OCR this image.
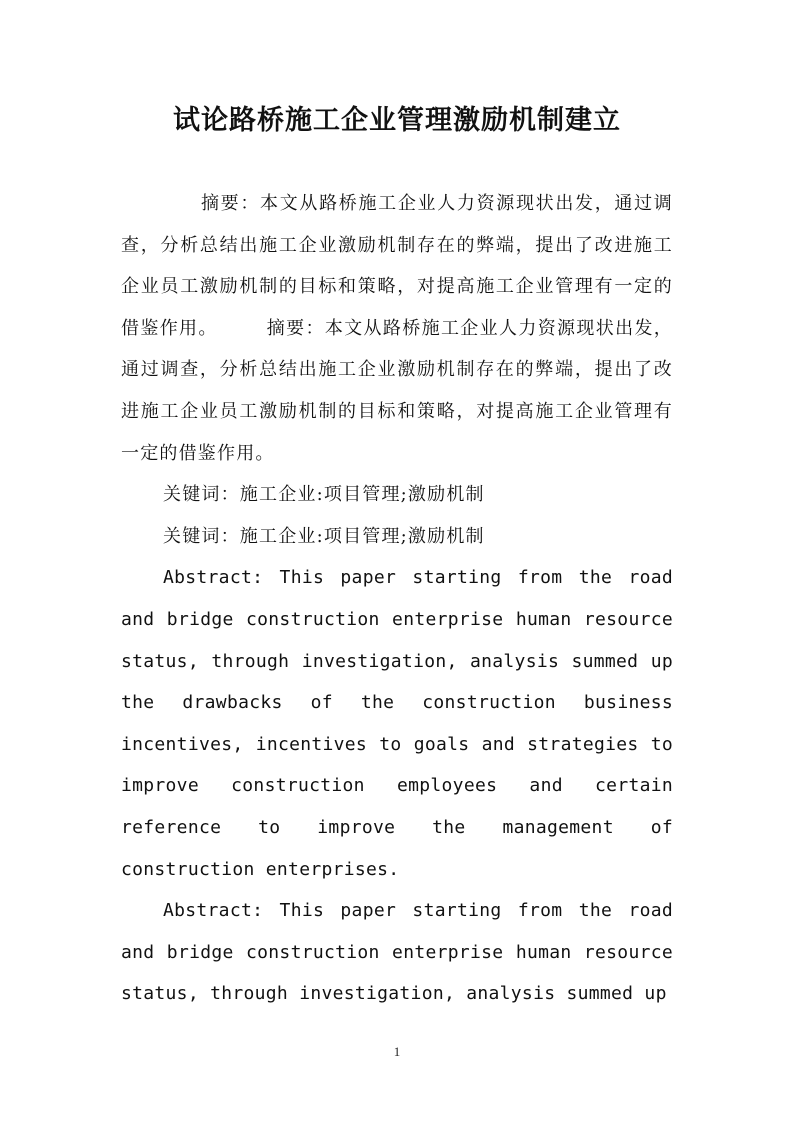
试论路桥施工企业管理激励机制建立

摘要：本文从路桥施工企业人力资源现状出发，通过调查，分析总结出施工企业激励机制存在的弊端，提出了改进施工企业员工激励机制的目标和策略，对提高施工企业管理有一定的借鉴作用。　　　摘要：本文从路桥施工企业人力资源现状出发，通过调查，分析总结出施工企业激励机制存在的弊端，提出了改进施工企业员工激励机制的目标和策略，对提高施工企业管理有一定的借鉴作用。

关键词：施工企业:项目管理;激励机制

关键词：施工企业:项目管理;激励机制

Abstract: This paper starting from the road and bridge construction enterprise human resource status, through investigation, analysis summed up the drawbacks of the construction business incentives, incentives to goals and strategies to improve construction employees and certain reference to improve the management of construction enterprises.

Abstract: This paper starting from the road and bridge construction enterprise human resource status, through investigation, analysis summed up

1
